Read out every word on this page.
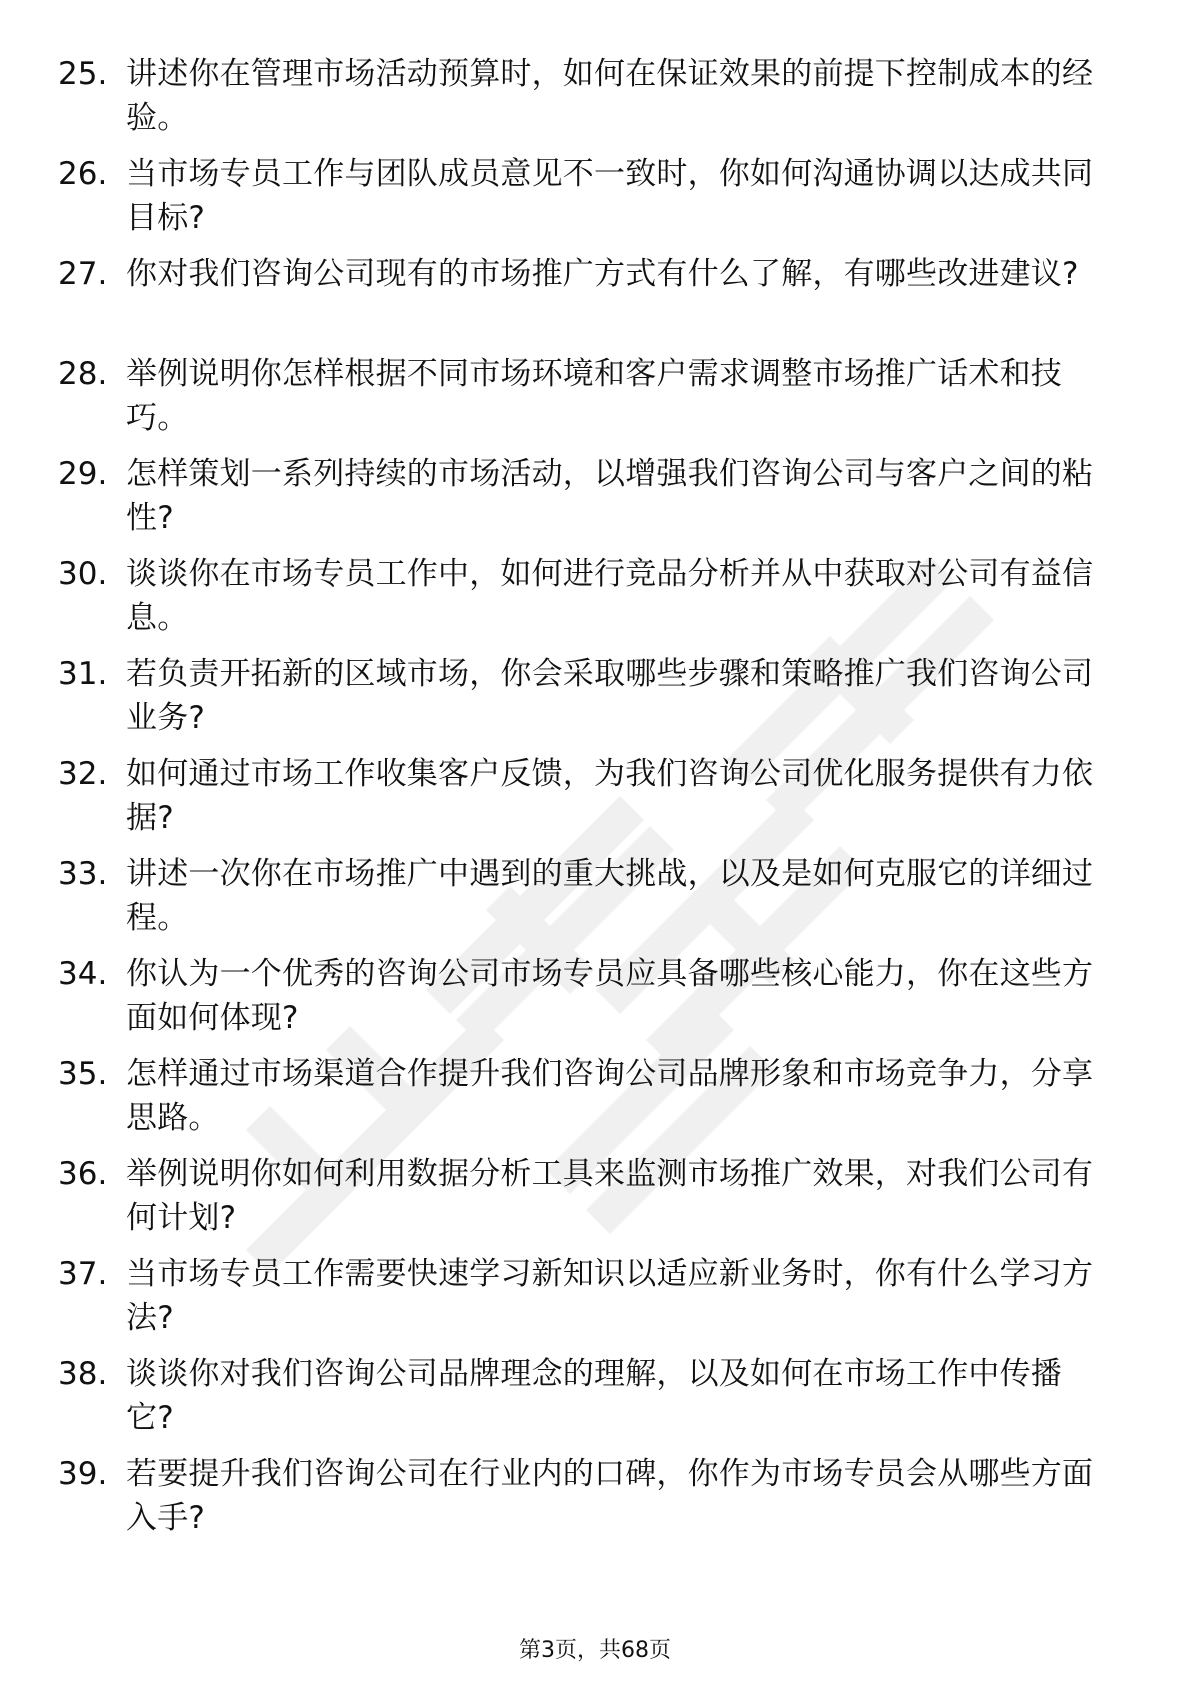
25. 讲述你在管理市场活动预算时，如何在保证效果的前提下控制成本的经验。
26. 当市场专员工作与团队成员意见不一致时，你如何沟通协调以达成共同目标?
27. 你对我们咨询公司现有的市场推广方式有什么了解，有哪些改进建议?
28. 举例说明你怎样根据不同市场环境和客户需求调整市场推广话术和技巧。
29. 怎样策划一系列持续的市场活动，以增强我们咨询公司与客户之间的粘性?
30. 谈谈你在市场专员工作中，如何进行竞品分析并从中获取对公司有益信息。
31. 若负责开拓新的区域市场，你会采取哪些步骤和策略推广我们咨询公司业务?
32. 如何通过市场工作收集客户反馈，为我们咨询公司优化服务提供有力依据?
33. 讲述一次你在市场推广中遇到的重大挑战，以及是如何克服它的详细过程。
34. 你认为一个优秀的咨询公司市场专员应具备哪些核心能力，你在这些方面如何体现?
35. 怎样通过市场渠道合作提升我们咨询公司品牌形象和市场竞争力，分享思路。
36. 举例说明你如何利用数据分析工具来监测市场推广效果，对我们公司有何计划?
37. 当市场专员工作需要快速学习新知识以适应新业务时，你有什么学习方法?
38. 谈谈你对我们咨询公司品牌理念的理解，以及如何在市场工作中传播它?
39. 若要提升我们咨询公司在行业内的口碑，你作为市场专员会从哪些方面入手?
第3页，共68页
